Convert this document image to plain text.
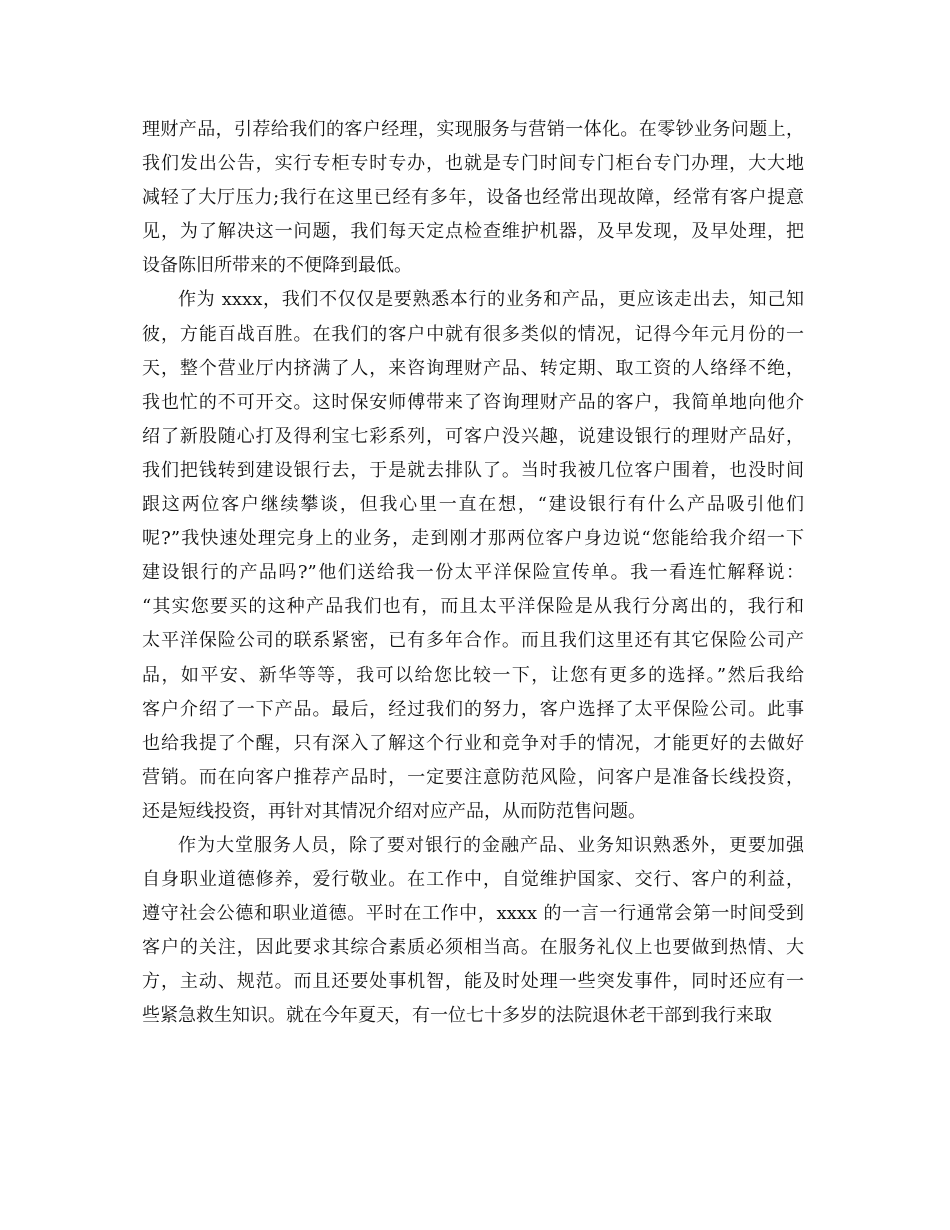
理财产品，引荐给我们的客户经理，实现服务与营销一体化。在零钞业务问题上，
我们发出公告，实行专柜专时专办，也就是专门时间专门柜台专门办理，大大地
减轻了大厅压力;我行在这里已经有多年，设备也经常出现故障，经常有客户提意
见，为了解决这一问题，我们每天定点检查维护机器，及早发现，及早处理，把
设备陈旧所带来的不便降到最低。
作为 xxxx，我们不仅仅是要熟悉本行的业务和产品，更应该走出去，知己知
彼，方能百战百胜。在我们的客户中就有很多类似的情况，记得今年元月份的一
天，整个营业厅内挤满了人，来咨询理财产品、转定期、取工资的人络绎不绝，
我也忙的不可开交。这时保安师傅带来了咨询理财产品的客户，我简单地向他介
绍了新股随心打及得利宝七彩系列，可客户没兴趣，说建设银行的理财产品好，
我们把钱转到建设银行去，于是就去排队了。当时我被几位客户围着，也没时间
跟这两位客户继续攀谈，但我心里一直在想，“建设银行有什么产品吸引他们
呢?”我快速处理完身上的业务，走到刚才那两位客户身边说“您能给我介绍一下
建设银行的产品吗?”他们送给我一份太平洋保险宣传单。我一看连忙解释说：
“其实您要买的这种产品我们也有，而且太平洋保险是从我行分离出的，我行和
太平洋保险公司的联系紧密，已有多年合作。而且我们这里还有其它保险公司产
品，如平安、新华等等，我可以给您比较一下，让您有更多的选择。”然后我给
客户介绍了一下产品。最后，经过我们的努力，客户选择了太平保险公司。此事
也给我提了个醒，只有深入了解这个行业和竞争对手的情况，才能更好的去做好
营销。而在向客户推荐产品时，一定要注意防范风险，问客户是准备长线投资，
还是短线投资，再针对其情况介绍对应产品，从而防范售问题。
作为大堂服务人员，除了要对银行的金融产品、业务知识熟悉外，更要加强
自身职业道德修养，爱行敬业。在工作中，自觉维护国家、交行、客户的利益，
遵守社会公德和职业道德。平时在工作中，xxxx 的一言一行通常会第一时间受到
客户的关注，因此要求其综合素质必须相当高。在服务礼仪上也要做到热情、大
方，主动、规范。而且还要处事机智，能及时处理一些突发事件，同时还应有一
些紧急救生知识。就在今年夏天，有一位七十多岁的法院退休老干部到我行来取
